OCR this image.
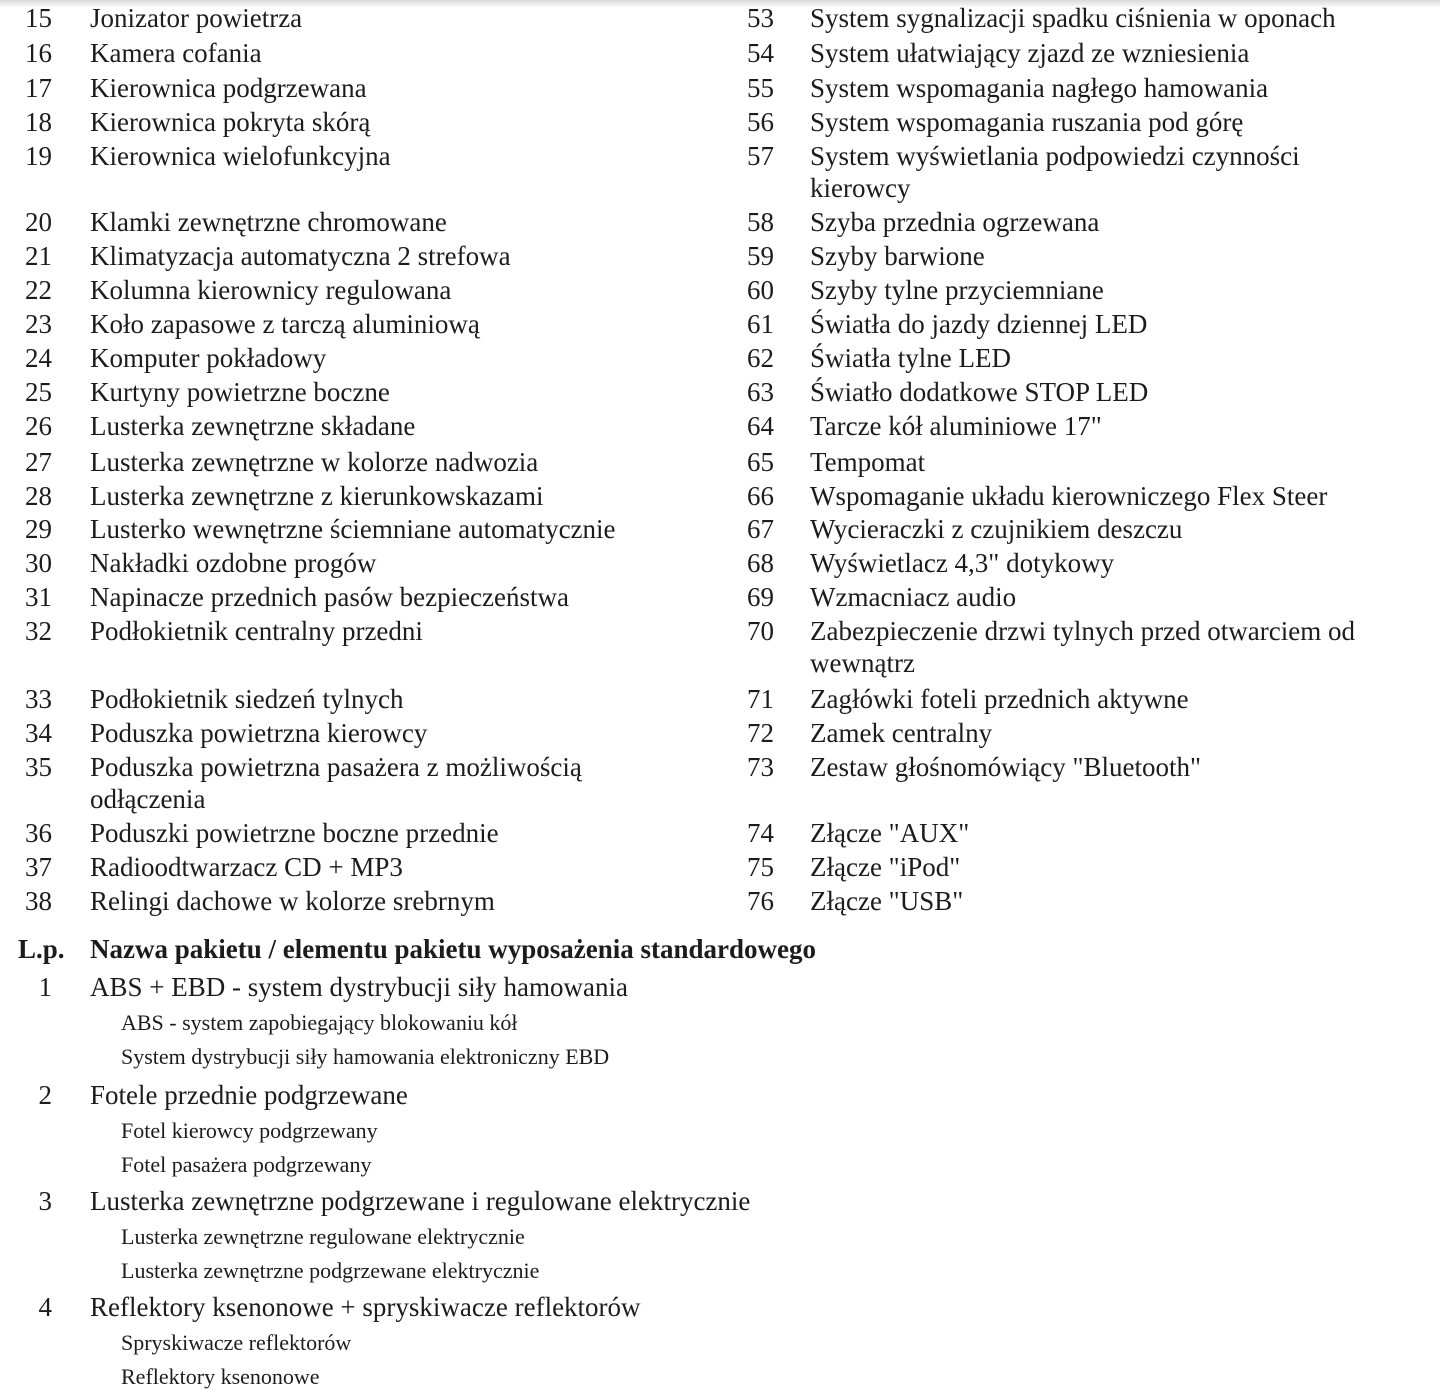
15 Jonizator powietrza
16 Kamera cofania
17 Kierownica podgrzewana
18 Kierownica pokryta skórą
19 Kierownica wielofunkcyjna
20 Klamki zewnętrzne chromowane
21 Klimatyzacja automatyczna 2 strefowa
22 Kolumna kierownicy regulowana
23 Koło zapasowe z tarczą aluminiową
24 Komputer pokładowy
25 Kurtyny powietrzne boczne
26 Lusterka zewnętrzne składane
27 Lusterka zewnętrzne w kolorze nadwozia
28 Lusterka zewnętrzne z kierunkowskazami
29 Lusterko wewnętrzne ściemniane automatycznie
30 Nakładki ozdobne progów
31 Napinacze przednich pasów bezpieczeństwa
32 Podłokietnik centralny przedni
33 Podłokietnik siedzeń tylnych
34 Poduszka powietrzna kierowcy
35 Poduszka powietrzna pasażera z możliwością odłączenia
36 Poduszki powietrzne boczne przednie
37 Radioodtwarzacz CD + MP3
38 Relingi dachowe w kolorze srebrnym
53 System sygnalizacji spadku ciśnienia w oponach
54 System ułatwiający zjazd ze wzniesienia
55 System wspomagania nagłego hamowania
56 System wspomagania ruszania pod górę
57 System wyświetlania podpowiedzi czynności kierowcy
58 Szyba przednia ogrzewana
59 Szyby barwione
60 Szyby tylne przyciemniane
61 Światła do jazdy dziennej LED
62 Światła tylne LED
63 Światło dodatkowe STOP LED
64 Tarcze kół aluminiowe 17"
65 Tempomat
66 Wspomaganie układu kierowniczego Flex Steer
67 Wycieraczki z czujnikiem deszczu
68 Wyświetlacz 4,3" dotykowy
69 Wzmacniacz audio
70 Zabezpieczenie drzwi tylnych przed otwarciem od wewnątrz
71 Zagłówki foteli przednich aktywne
72 Zamek centralny
73 Zestaw głośnomówiący "Bluetooth"
74 Złącze "AUX"
75 Złącze "iPod"
76 Złącze "USB"
L.p. Nazwa pakietu / elementu pakietu wyposażenia standardowego
1 ABS + EBD - system dystrybucji siły hamowania
ABS - system zapobiegający blokowaniu kół
System dystrybucji siły hamowania elektroniczny EBD
2 Fotele przednie podgrzewane
Fotel kierowcy podgrzewany
Fotel pasażera podgrzewany
3 Lusterka zewnętrzne podgrzewane i regulowane elektrycznie
Lusterka zewnętrzne regulowane elektrycznie
Lusterka zewnętrzne podgrzewane elektrycznie
4 Reflektory ksenonowe + spryskiwacze reflektorów
Spryskiwacze reflektorów
Reflektory ksenonowe
